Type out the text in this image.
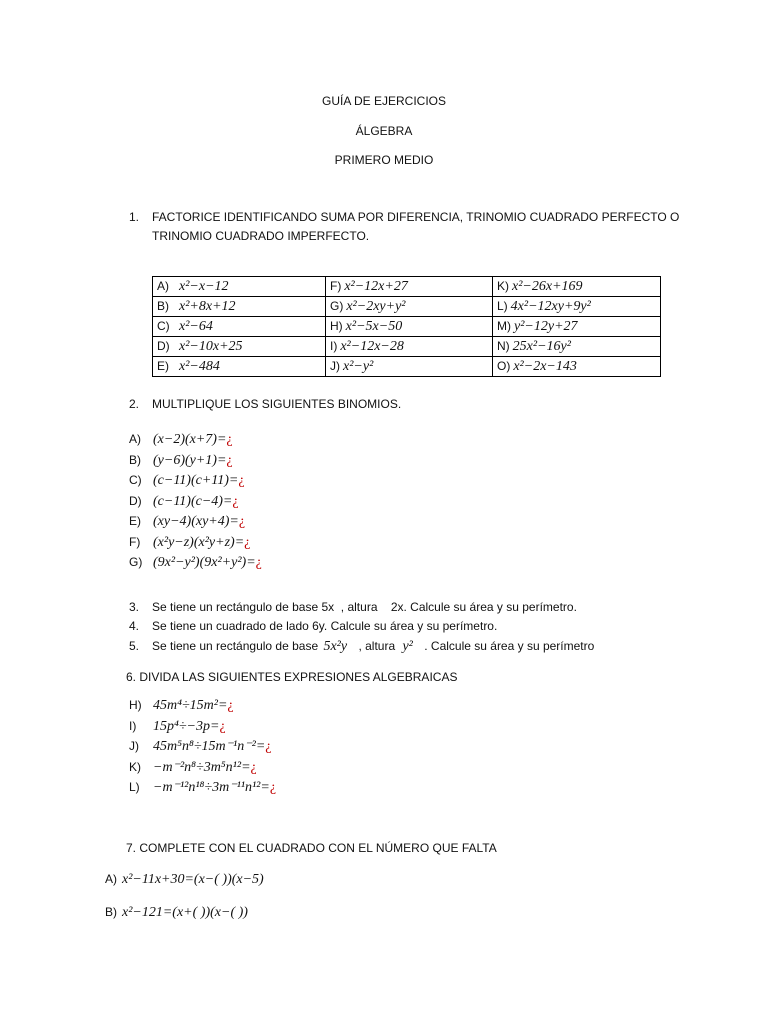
GUÍA DE EJERCICIOS
ÁLGEBRA
PRIMERO MEDIO
1. FACTORICE IDENTIFICANDO SUMA POR DIFERENCIA, TRINOMIO CUADRADO PERFECTO O
TRINOMIO CUADRADO IMPERFECTO.
A) x²−x−12	F) x²−12x+27	K) x²−26x+169
B) x²+8x+12	G) x²−2xy+y²	L) 4x²−12xy+9y²
C) x²−64	H) x²−5x−50	M) y²−12y+27
D) x²−10x+25	I) x²−12x−28	N) 25x²−16y²
E) x²−484	J) x²−y²	O) x²−2x−143
2. MULTIPLIQUE LOS SIGUIENTES BINOMIOS.
A) (x−2)(x+7)=¿
B) (y−6)(y+1)=¿
C) (c−11)(c+11)=¿
D) (c−11)(c−4)=¿
E) (xy−4)(xy+4)=¿
F) (x²y−z)(x²y+z)=¿
G) (9x²−y²)(9x²+y²)=¿
3. Se tiene un rectángulo de base 5x  , altura    2x. Calcule su área y su perímetro.
4. Se tiene un cuadrado de lado 6y. Calcule su área y su perímetro.
5. Se tiene un rectángulo de base 5x²y , altura y² . Calcule su área y su perímetro
6. DIVIDA LAS SIGUIENTES EXPRESIONES ALGEBRAICAS
H) 45m⁴÷15m²=¿
I) 15p⁴÷−3p=¿
J) 45m⁵n⁸÷15m⁻¹n⁻²=¿
K) −m⁻²n⁸÷3m⁵n¹²=¿
L) −m⁻¹²n¹⁸÷3m⁻¹¹n¹²=¿
7. COMPLETE CON EL CUADRADO CON EL NÚMERO QUE FALTA
A) x²−11x+30=(x−( ))(x−5)
B) x²−121=(x+( ))(x−( ))
